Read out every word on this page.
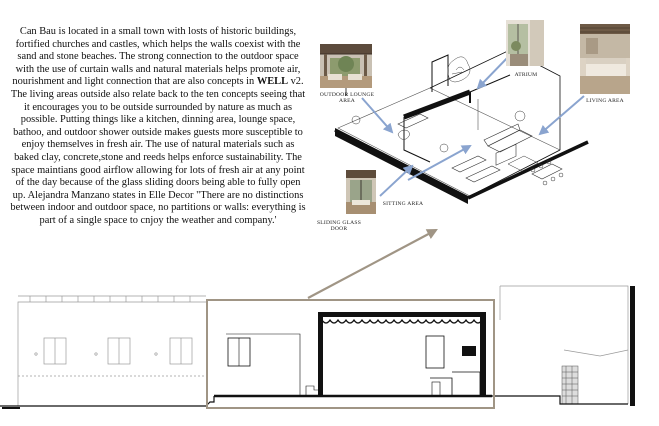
Can Bau is located in a small town with losts of historic buildings, fortified churches and castles, which helps the walls coexist with the sand and stone beaches. The strong connection to the outdoor space with the use of curtain walls and natural materials helps promote air, nourishment and light connection that are also concepts in WELL v2. The living areas outside also relate back to the ten concepts seeing that it encourages you to be outside surrounded by nature as much as possible. Putting things like a kitchen, dinning area, lounge space, bathoo, and outdoor shower outside makes guests more susceptible to enjoy themselves in fresh air. The use of natural materials such as baked clay, concrete,stone and reeds helps enforce sustainability. The space maintians good airflow allowing for lots of fresh air at any point of the day because of the glass sliding doors being able to fully open up. Alejandra Manzano states in Elle Decor "There are no distinctions between indoor and outdoor space, no partitions or walls: everything is part of a single space to cnjoy the weather and company.'

OUTDOOR LOUNGE AREA
ATRIUM
LIVING AREA
SITTING AREA
SLIDING GLASS DOOR
